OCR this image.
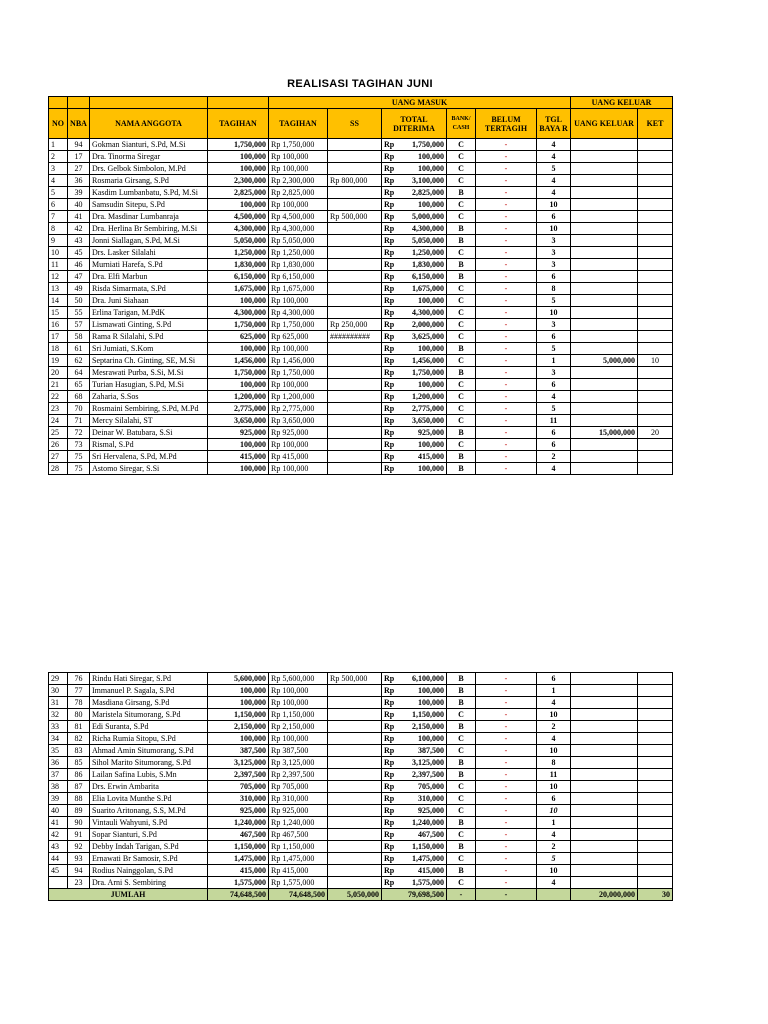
REALISASI TAGIHAN JUNI
				UANG MASUK						UANG KELUAR	
NO	NBA	NAMA ANGGOTA	TAGIHAN	TAGIHAN	SS	TOTAL DITERIMA	BANK/ CASH	BELUM TERTAGIH	TGL BAYA R	UANG KELUAR	KET
1	94	Gokman Sianturi, S.Pd, M.Si	1,750,000	Rp 1,750,000		Rp 1,750,000	C	-	4		
2	17	Dra. Tinorma Siregar	100,000	Rp 100,000		Rp 100,000	C	-	4		
3	27	Drs. Gelbok Simbolon, M.Pd	100,000	Rp 100,000		Rp 100,000	C	-	5		
4	36	Rosmaria Girsang, S.Pd	2,300,000	Rp 2,300,000	Rp 800,000	Rp 3,100,000	C	-	4		
5	39	Kasdim Lumbanbatu, S.Pd, M.Si	2,825,000	Rp 2,825,000		Rp 2,825,000	B	-	4		
6	40	Samsudin Sitepu, S.Pd	100,000	Rp 100,000		Rp 100,000	C	-	10		
7	41	Dra. Masdinar Lumbanraja	4,500,000	Rp 4,500,000	Rp 500,000	Rp 5,000,000	C	-	6		
8	42	Dra. Herlina Br Sembiring, M.Si	4,300,000	Rp 4,300,000		Rp 4,300,000	B	-	10		
9	43	Jonni Siallagan, S.Pd, M.Si	5,050,000	Rp 5,050,000		Rp 5,050,000	B	-	3		
10	45	Drs. Lasker Silalahi	1,250,000	Rp 1,250,000		Rp 1,250,000	C	-	3		
11	46	Murniati Harefa, S.Pd	1,830,000	Rp 1,830,000		Rp 1,830,000	B	-	3		
12	47	Dra. Elfi Marbun	6,150,000	Rp 6,150,000		Rp 6,150,000	B	-	6		
13	49	Risda Simarmata, S.Pd	1,675,000	Rp 1,675,000		Rp 1,675,000	C	-	8		
14	50	Dra. Juni Siahaan	100,000	Rp 100,000		Rp 100,000	C	-	5		
15	55	Erlina Tarigan, M.PdK	4,300,000	Rp 4,300,000		Rp 4,300,000	C	-	10		
16	57	Lismawati Ginting, S.Pd	1,750,000	Rp 1,750,000	Rp 250,000	Rp 2,000,000	C	-	3		
17	58	Rama R Silalahi, S.Pd	625,000	Rp 625,000	##########	Rp 3,625,000	C	-	6		
18	61	Sri Jumiati, S.Kom	100,000	Rp 100,000		Rp 100,000	B	-	5		
19	62	Septarina Ch. Ginting, SE, M.Si	1,456,000	Rp 1,456,000		Rp 1,456,000	C	-	1	5,000,000	10
20	64	Mesrawati Purba, S.Si, M.Si	1,750,000	Rp 1,750,000		Rp 1,750,000	B	-	3		
21	65	Turian Hasugian, S.Pd, M.Si	100,000	Rp 100,000		Rp 100,000	C	-	6		
22	68	Zaharia, S.Sos	1,200,000	Rp 1,200,000		Rp 1,200,000	C	-	4		
23	70	Rosmaini Sembiring, S.Pd, M.Pd	2,775,000	Rp 2,775,000		Rp 2,775,000	C	-	5		
24	71	Mercy Silalahi, ST	3,650,000	Rp 3,650,000		Rp 3,650,000	C	-	11		
25	72	Deinar W. Batubara, S.Si	925,000	Rp 925,000		Rp 925,000	B	-	6	15,000,000	20
26	73	Rismal, S.Pd	100,000	Rp 100,000		Rp 100,000	C	-	6		
27	75	Sri Hervalena, S.Pd, M.Pd	415,000	Rp 415,000		Rp 415,000	B	-	2		
28	75	Astomo Siregar, S.Si	100,000	Rp 100,000		Rp 100,000	B	-	4		
29	76	Rindu Hati Siregar, S.Pd	5,600,000	Rp 5,600,000	Rp 500,000	Rp 6,100,000	B	-	6		
30	77	Immanuel P. Sagala, S.Pd	100,000	Rp 100,000		Rp 100,000	B	-	1		
31	78	Masdiana Girsang, S.Pd	100,000	Rp 100,000		Rp 100,000	B	-	4		
32	80	Maristela Situmorang, S.Pd	1,150,000	Rp 1,150,000		Rp 1,150,000	C	-	10		
33	81	Edi Suranta, S.Pd	2,150,000	Rp 2,150,000		Rp 2,150,000	B	-	2		
34	82	Richa Rumia Sitopu, S.Pd	100,000	Rp 100,000		Rp 100,000	C	-	4		
35	83	Ahmad Amin Situmorang, S.Pd	387,500	Rp 387,500		Rp 387,500	C	-	10		
36	85	Sihol Marito Situmorang, S.Pd	3,125,000	Rp 3,125,000		Rp 3,125,000	B	-	8		
37	86	Lailan Safina Lubis, S.Mn	2,397,500	Rp 2,397,500		Rp 2,397,500	B	-	11		
38	87	Drs. Erwin Ambarita	705,000	Rp 705,000		Rp 705,000	C	-	10		
39	88	Elia Lovita Munthe S.Pd	310,000	Rp 310,000		Rp 310,000	C	-	6		
40	89	Suarito Aritonang, S.S, M.Pd	925,000	Rp 925,000		Rp 925,000	C	-	10		
41	90	Vintauli Wahyuni, S.Pd	1,240,000	Rp 1,240,000		Rp 1,240,000	B	-	1		
42	91	Sopar Sianturi, S.Pd	467,500	Rp 467,500		Rp 467,500	C	-	4		
43	92	Debby Indah Tarigan, S.Pd	1,150,000	Rp 1,150,000		Rp 1,150,000	B	-	2		
44	93	Ernawati Br Samosir, S.Pd	1,475,000	Rp 1,475,000		Rp 1,475,000	C	-	5		
45	94	Rodius Nainggolan, S.Pd	415,000	Rp 415,000		Rp 415,000	B	-	10		
	23	Dra. Arni S. Sembiring	1,575,000	Rp 1,575,000		Rp 1,575,000	C	-	4		
JUMLAH			74,648,500	74,648,500	5,050,000	79,698,500	-	-		20,000,000	30
